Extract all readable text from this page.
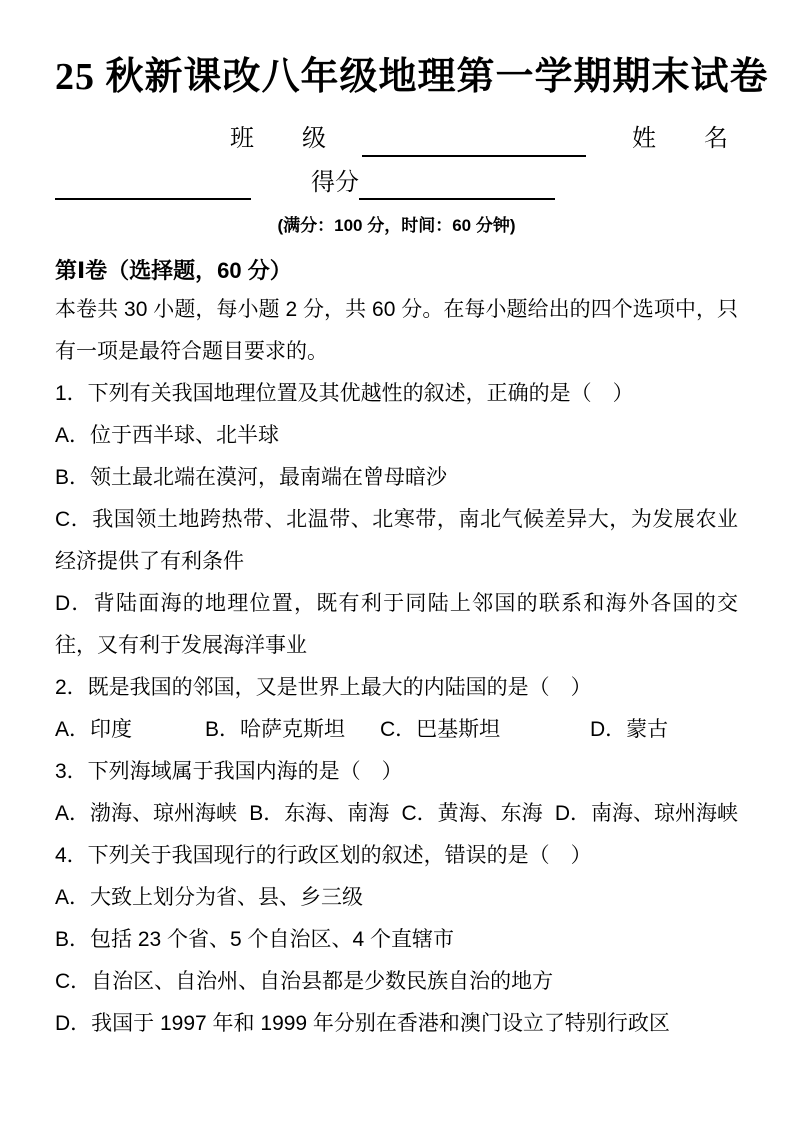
25 秋新课改八年级地理第一学期期末试卷
班　　级	姓　　名
得分
(满分：100 分，时间：60 分钟)
第Ⅰ卷（选择题，60 分）

本卷共 30 小题，每小题 2 分，共 60 分。在每小题给出的四个选项中，只有一项是最符合题目要求的。

1．下列有关我国地理位置及其优越性的叙述，正确的是（　）

A．位于西半球、北半球

B．领土最北端在漠河，最南端在曾母暗沙

C．我国领土地跨热带、北温带、北寒带，南北气候差异大，为发展农业经济提供了有利条件

D．背陆面海的地理位置，既有利于同陆上邻国的联系和海外各国的交往，又有利于发展海洋事业

2．既是我国的邻国，又是世界上最大的内陆国的是（　）

A．印度	B．哈萨克斯坦	C．巴基斯坦	D．蒙古

3．下列海域属于我国内海的是（　）

A．渤海、琼州海峡 B．东海、南海 C．黄海、东海 D．南海、琼州海峡

4．下列关于我国现行的行政区划的叙述，错误的是（　）

A．大致上划分为省、县、乡三级

B．包括 23 个省、5 个自治区、4 个直辖市

C．自治区、自治州、自治县都是少数民族自治的地方

D．我国于 1997 年和 1999 年分别在香港和澳门设立了特别行政区
